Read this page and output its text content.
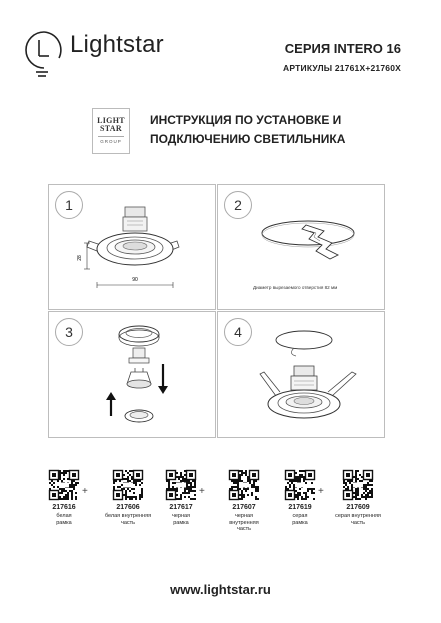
Lightstar	СЕРИЯ INTERO 16
АРТИКУЛЫ 21761X+21760X
LIGHT
STAR
GROUP
ИНСТРУКЦИЯ ПО УСТАНОВКЕ И
ПОДКЛЮЧЕНИЮ СВЕТИЛЬНИКА
1
28
90
2
Диаметр вырезаемого отверстия 82 мм
3	4
217616
белая
рамка
+
217606
белая внутренняя
часть
217617
черная
рамка
+
217607
черная внутренняя
часть
217619
серая
рамка
+
217609
серая внутренняя
часть
www.lightstar.ru
